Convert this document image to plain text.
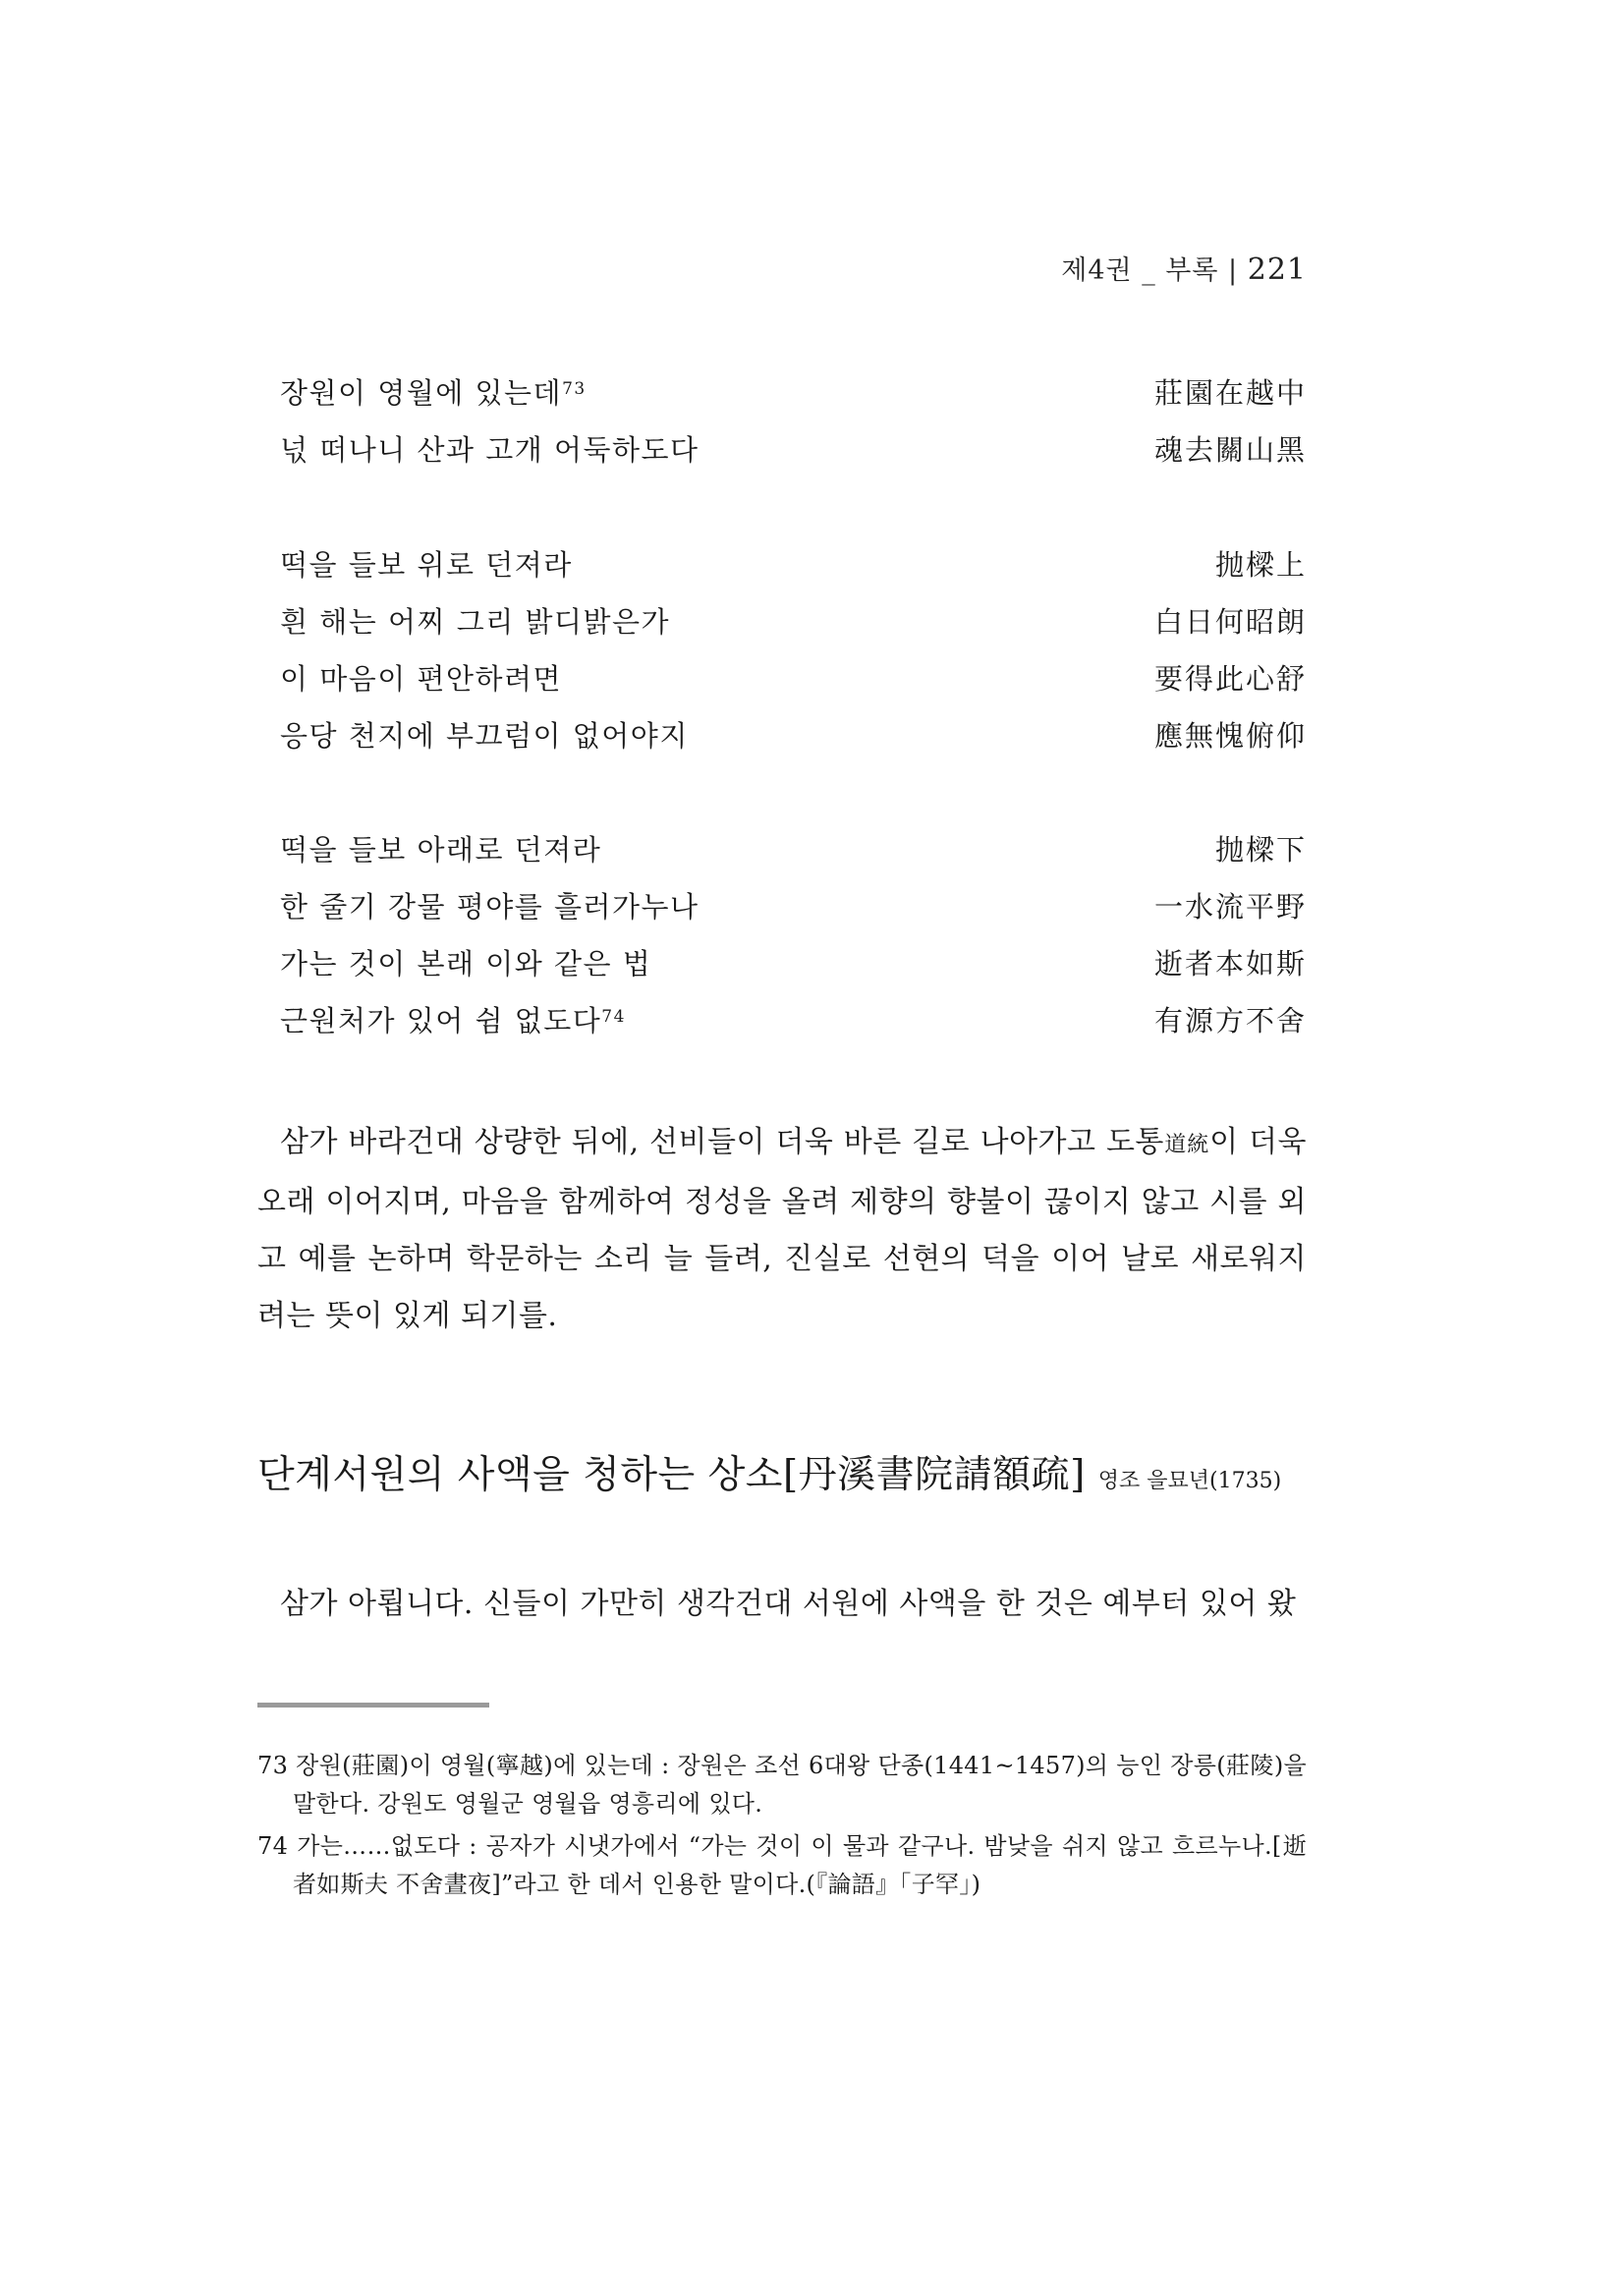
제4권 _ 부록 | 221
장원이 영월에 있는데$^{73}$	莊園在越中
넋 떠나니 산과 고개 어둑하도다	魂去關山黑
떡을 들보 위로 던져라	抛樑上
흰 해는 어찌 그리 밝디밝은가	白日何昭朗
이 마음이 편안하려면	要得此心舒
응당 천지에 부끄럼이 없어야지	應無愧俯仰
떡을 들보 아래로 던져라	抛樑下
한 줄기 강물 평야를 흘러가누나	一水流平野
가는 것이 본래 이와 같은 법	逝者本如斯
근원처가 있어 쉼 없도다$^{74}$	有源方不舍

삼가 바라건대 상량한 뒤에, 선비들이 더욱 바른 길로 나아가고 도통道統이 더욱 오래 이어지며, 마음을 함께하여 정성을 올려 제향의 향불이 끊이지 않고 시를 외고 예를 논하며 학문하는 소리 늘 들려, 진실로 선현의 덕을 이어 날로 새로워지려는 뜻이 있게 되기를.

단계서원의 사액을 청하는 상소[丹溪書院請額疏] 영조 을묘년(1735)

삼가 아룁니다. 신들이 가만히 생각건대 서원에 사액을 한 것은 예부터 있어 왔

73 장원(莊園)이 영월(寧越)에 있는데 : 장원은 조선 6대왕 단종(1441~1457)의 능인 장릉(莊陵)을 말한다. 강원도 영월군 영월읍 영흥리에 있다.
74 가는……없도다 : 공자가 시냇가에서 “가는 것이 이 물과 같구나. 밤낮을 쉬지 않고 흐르누나.[逝者如斯夫 不舍晝夜]”라고 한 데서 인용한 말이다.(『論語』「子罕」)
